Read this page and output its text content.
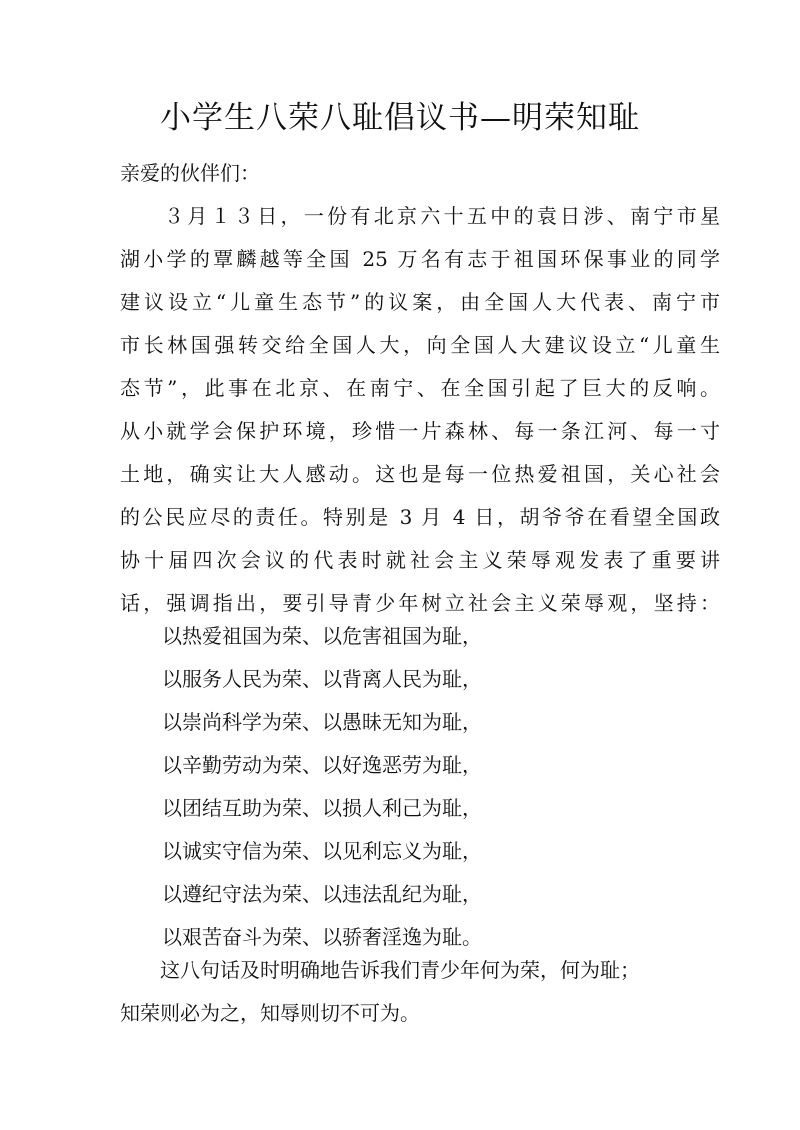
小学生八荣八耻倡议书—明荣知耻
亲爱的伙伴们：
３月１３日，一份有北京六十五中的袁日涉、南宁市星
湖小学的覃麟越等全国 25 万名有志于祖国环保事业的同学
建议设立“儿童生态节”的议案，由全国人大代表、南宁市
市长林国强转交给全国人大，向全国人大建议设立“儿童生
态节”，此事在北京、在南宁、在全国引起了巨大的反响。
从小就学会保护环境，珍惜一片森林、每一条江河、每一寸
土地，确实让大人感动。这也是每一位热爱祖国，关心社会
的公民应尽的责任。特别是 3 月 4 日，胡爷爷在看望全国政
协十届四次会议的代表时就社会主义荣辱观发表了重要讲
话，强调指出，要引导青少年树立社会主义荣辱观，坚持：
以热爱祖国为荣、以危害祖国为耻，
以服务人民为荣、以背离人民为耻，
以崇尚科学为荣、以愚昧无知为耻，
以辛勤劳动为荣、以好逸恶劳为耻，
以团结互助为荣、以损人利己为耻，
以诚实守信为荣、以见利忘义为耻，
以遵纪守法为荣、以违法乱纪为耻，
以艰苦奋斗为荣、以骄奢淫逸为耻。
这八句话及时明确地告诉我们青少年何为荣，何为耻；
知荣则必为之，知辱则切不可为。
